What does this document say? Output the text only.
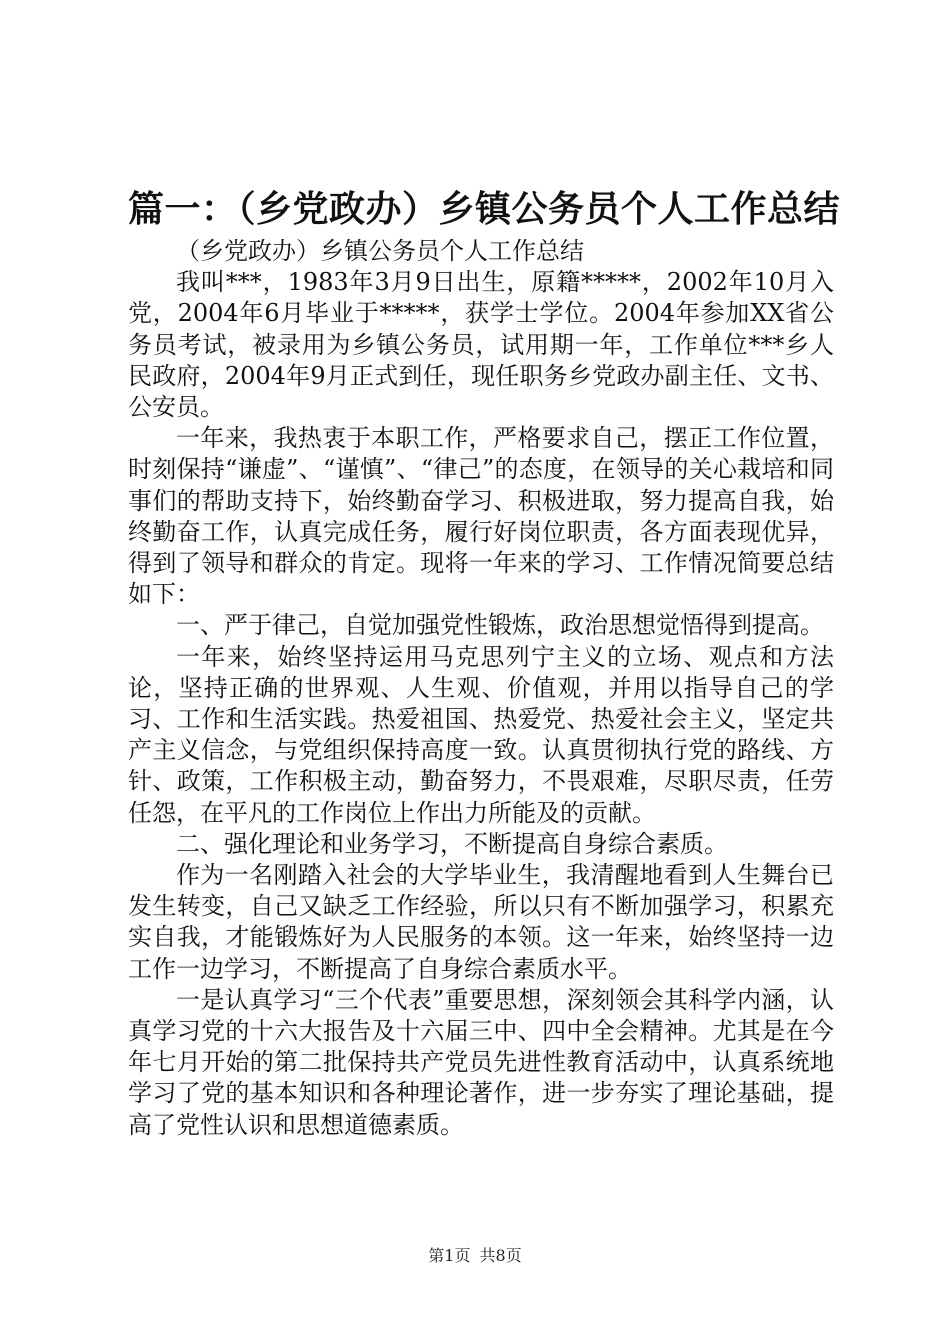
篇一：（乡党政办）乡镇公务员个人工作总结

（乡党政办）乡镇公务员个人工作总结

我叫***，1983年3月9日出生，原籍*****，2002年10月入党，2004年6月毕业于*****，获学士学位。2004年参加XX省公务员考试，被录用为乡镇公务员，试用期一年，工作单位***乡人民政府，2004年9月正式到任，现任职务乡党政办副主任、文书、公安员。

一年来，我热衷于本职工作，严格要求自己，摆正工作位置，时刻保持“谦虚”、“谨慎”、“律己”的态度，在领导的关心栽培和同事们的帮助支持下，始终勤奋学习、积极进取，努力提高自我，始终勤奋工作，认真完成任务，履行好岗位职责，各方面表现优异，得到了领导和群众的肯定。现将一年来的学习、工作情况简要总结如下：

一、严于律己，自觉加强党性锻炼，政治思想觉悟得到提高。

一年来，始终坚持运用马克思列宁主义的立场、观点和方法论，坚持正确的世界观、人生观、价值观，并用以指导自己的学习、工作和生活实践。热爱祖国、热爱党、热爱社会主义，坚定共产主义信念，与党组织保持高度一致。认真贯彻执行党的路线、方针、政策，工作积极主动，勤奋努力，不畏艰难，尽职尽责，任劳任怨，在平凡的工作岗位上作出力所能及的贡献。

二、强化理论和业务学习，不断提高自身综合素质。

作为一名刚踏入社会的大学毕业生，我清醒地看到人生舞台已发生转变，自己又缺乏工作经验，所以只有不断加强学习，积累充实自我，才能锻炼好为人民服务的本领。这一年来，始终坚持一边工作一边学习，不断提高了自身综合素质水平。

一是认真学习“三个代表”重要思想，深刻领会其科学内涵，认真学习党的十六大报告及十六届三中、四中全会精神。尤其是在今年七月开始的第二批保持共产党员先进性教育活动中，认真系统地学习了党的基本知识和各种理论著作，进一步夯实了理论基础，提高了党性认识和思想道德素质。

第1页 共8页
